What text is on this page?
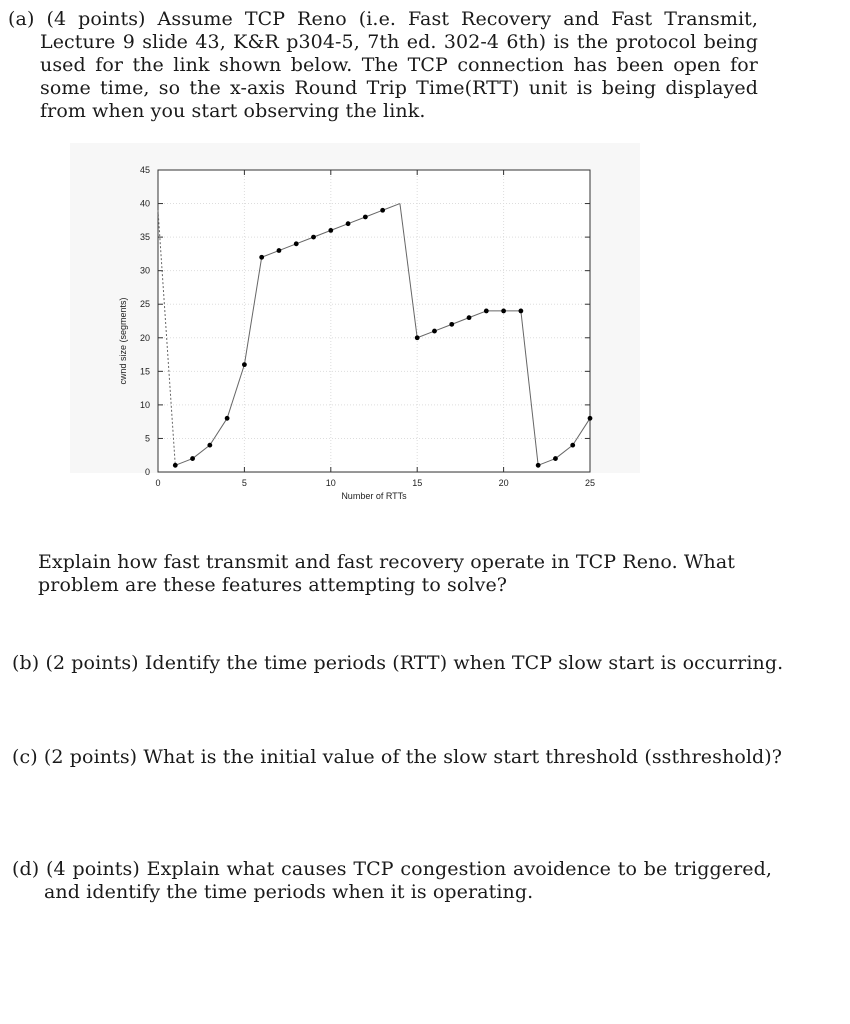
(a) (4 points) Assume TCP Reno (i.e. Fast Recovery and Fast Transmit, Lecture 9 slide 43, K&R p304-5, 7th ed. 302-4 6th) is the protocol being used for the link shown below. The TCP connection has been open for some time, so the x-axis Round Trip Time(RTT) unit is being displayed from when you start observing the link.
0	5	10	15	20	25
0
5
10
15
20
25
30
35
40
45
Number of RTTs
cwnd size (segments)
Explain how fast transmit and fast recovery operate in TCP Reno. What problem are these features attempting to solve?
(b) (2 points) Identify the time periods (RTT) when TCP slow start is occurring.
(c) (2 points) What is the initial value of the slow start threshold (ssthreshold)?
(d) (4 points) Explain what causes TCP congestion avoidence to be triggered, and identify the time periods when it is operating.
